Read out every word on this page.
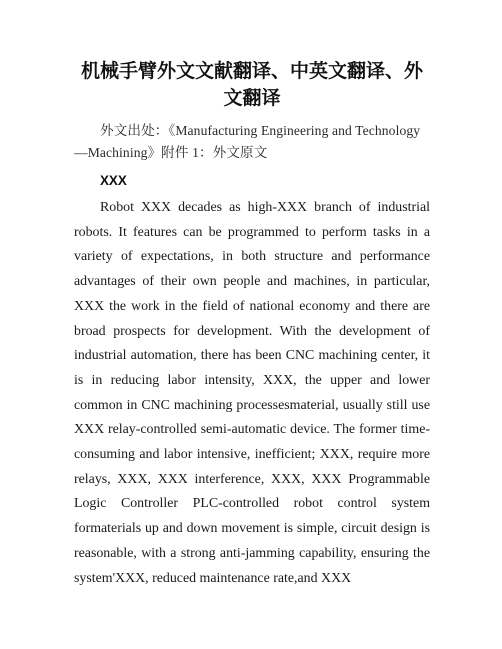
机械手臂外文文献翻译、中英文翻译、外文翻译

外文出处：《Manufacturing Engineering and Technology—Machining》附件 1：外文原文

XXX

Robot XXX decades as high-XXX branch of industrial robots. It features can be programmed to perform tasks in a variety of expectations, in both structure and performance advantages of their own people and machines, in particular, XXX the work in the field of national economy and there are broad prospects for development. With the development of industrial automation, there has been CNC machining center, it is in reducing labor intensity, XXX, the upper and lower common in CNC machining processesmaterial, usually still use XXX relay-controlled semi-automatic device. The former time-consuming and labor intensive, inefficient; XXX, require more relays, XXX, XXX interference, XXX, XXX Programmable Logic Controller PLC-controlled robot control system formaterials up and down movement is simple, circuit design is reasonable, with a strong anti-jamming capability, ensuring the system'XXX, reduced maintenance rate,and XXX
